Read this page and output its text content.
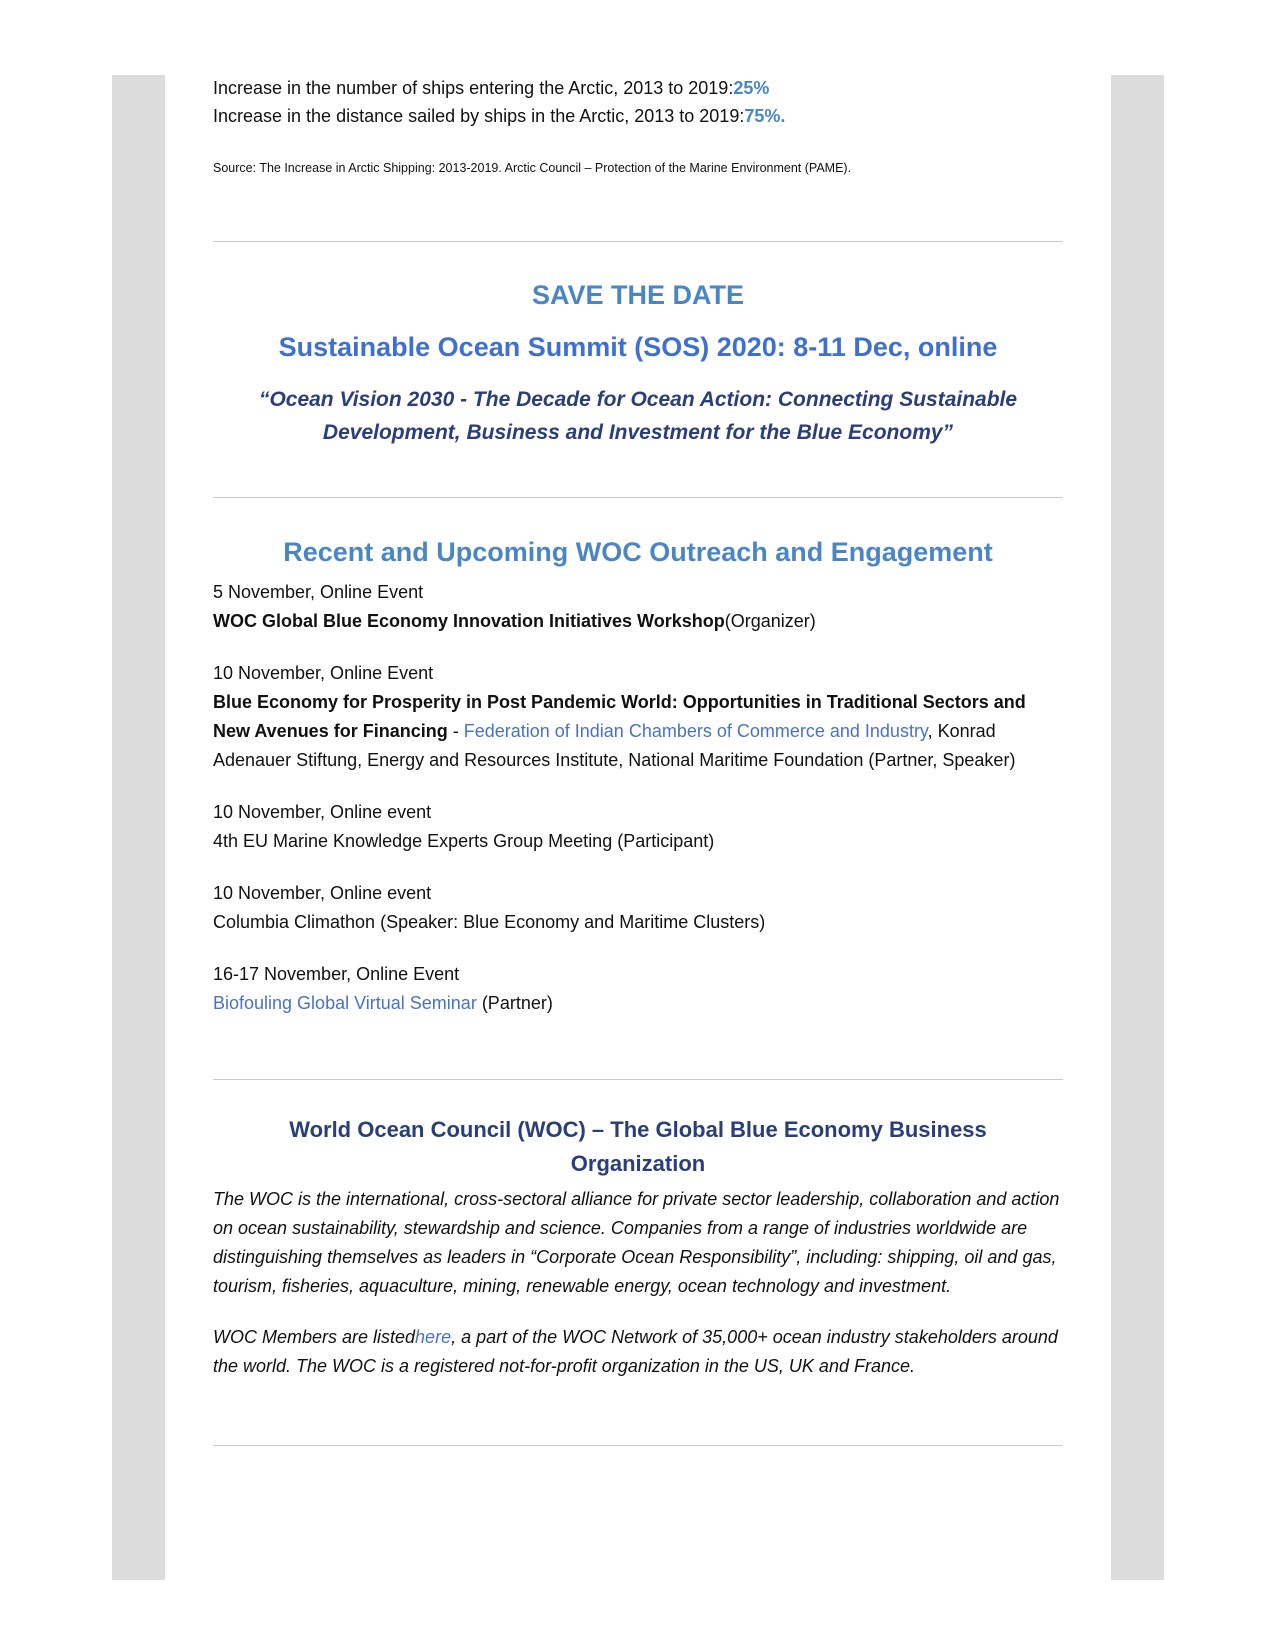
Increase in the number of ships entering the Arctic, 2013 to 2019:25%
Increase in the distance sailed by ships in the Arctic, 2013 to 2019:75%.
Source: The Increase in Arctic Shipping: 2013-2019. Arctic Council – Protection of the Marine Environment (PAME).
SAVE THE DATE
Sustainable Ocean Summit (SOS) 2020: 8-11 Dec, online
“Ocean Vision 2030 - The Decade for Ocean Action: Connecting Sustainable
Development, Business and Investment for the Blue Economy”
Recent and Upcoming WOC Outreach and Engagement
5 November, Online Event
WOC Global Blue Economy Innovation Initiatives Workshop(Organizer)
10 November, Online Event
Blue Economy for Prosperity in Post Pandemic World: Opportunities in Traditional Sectors and New Avenues for Financing - Federation of Indian Chambers of Commerce and Industry, Konrad Adenauer Stiftung, Energy and Resources Institute, National Maritime Foundation (Partner, Speaker)
10 November, Online event
4th EU Marine Knowledge Experts Group Meeting (Participant)
10 November, Online event
Columbia Climathon (Speaker: Blue Economy and Maritime Clusters)
16-17 November, Online Event
Biofouling Global Virtual Seminar (Partner)
World Ocean Council (WOC) – The Global Blue Economy Business
Organization

The WOC is the international, cross-sectoral alliance for private sector leadership, collaboration and action on ocean sustainability, stewardship and science. Companies from a range of industries worldwide are distinguishing themselves as leaders in “Corporate Ocean Responsibility”, including: shipping, oil and gas, tourism, fisheries, aquaculture, mining, renewable energy, ocean technology and investment.

WOC Members are listedhere, a part of the WOC Network of 35,000+ ocean industry stakeholders around the world. The WOC is a registered not-for-profit organization in the US, UK and France.
